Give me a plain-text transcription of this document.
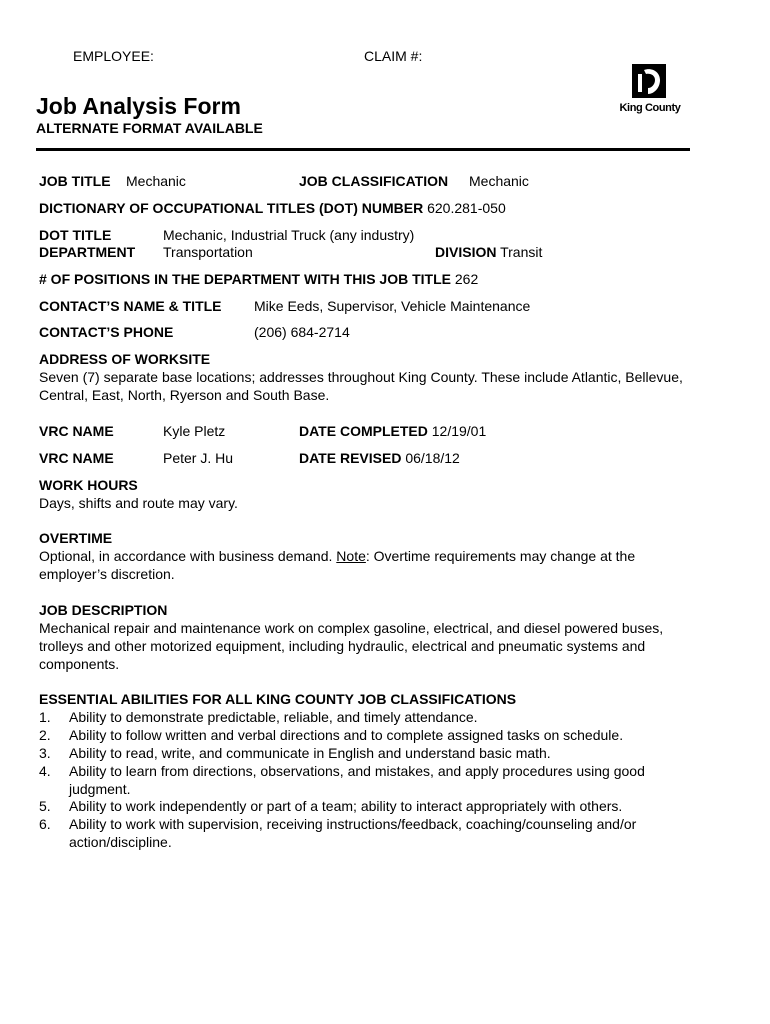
EMPLOYEE:	CLAIM #:
King County
Job Analysis Form
ALTERNATE FORMAT AVAILABLE
JOB TITLE Mechanic	JOB CLASSIFICATION Mechanic
DICTIONARY OF OCCUPATIONAL TITLES (DOT) NUMBER 620.281-050
DOT TITLE	Mechanic, Industrial Truck (any industry)
DEPARTMENT Transportation	DIVISION Transit
# OF POSITIONS IN THE DEPARTMENT WITH THIS JOB TITLE 262
CONTACT’S NAME & TITLE Mike Eeds, Supervisor, Vehicle Maintenance
CONTACT’S PHONE	(206) 684-2714
ADDRESS OF WORKSITE
Seven (7) separate base locations; addresses throughout King County. These include Atlantic, Bellevue, Central, East, North, Ryerson and South Base.
VRC NAME	Kyle Pletz	DATE COMPLETED 12/19/01
VRC NAME	Peter J. Hu	DATE REVISED 06/18/12
WORK HOURS
Days, shifts and route may vary.
OVERTIME
Optional, in accordance with business demand. Note: Overtime requirements may change at the employer’s discretion.
JOB DESCRIPTION
Mechanical repair and maintenance work on complex gasoline, electrical, and diesel powered buses, trolleys and other motorized equipment, including hydraulic, electrical and pneumatic systems and components.
ESSENTIAL ABILITIES FOR ALL KING COUNTY JOB CLASSIFICATIONS
1. Ability to demonstrate predictable, reliable, and timely attendance.
2. Ability to follow written and verbal directions and to complete assigned tasks on schedule.
3. Ability to read, write, and communicate in English and understand basic math.
4. Ability to learn from directions, observations, and mistakes, and apply procedures using good judgment.
5. Ability to work independently or part of a team; ability to interact appropriately with others.
6. Ability to work with supervision, receiving instructions/feedback, coaching/counseling and/or action/discipline.
